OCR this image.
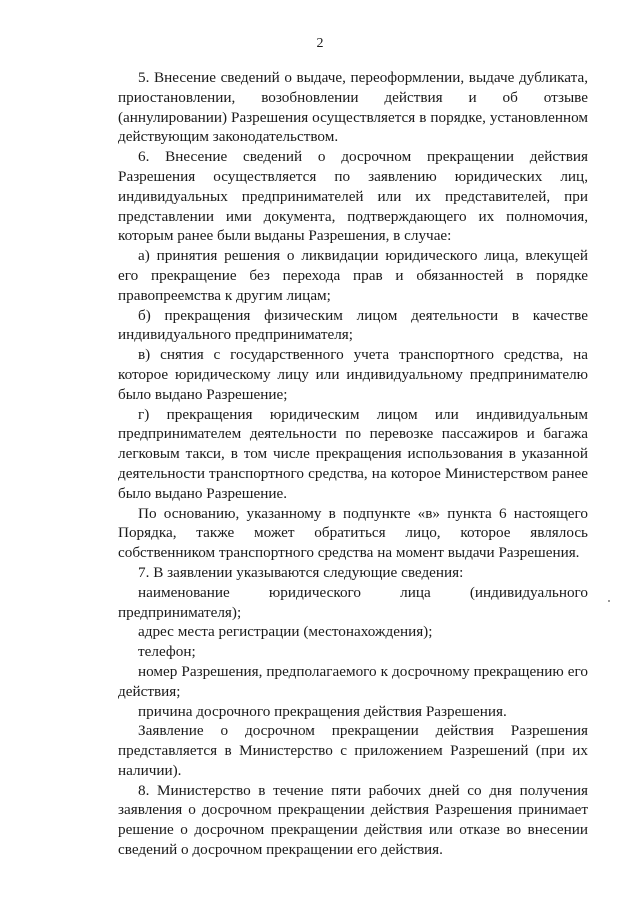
2

5. Внесение сведений о выдаче, переоформлении, выдаче дубликата, приостановлении, возобновлении действия и об отзыве (аннулировании) Разрешения осуществляется в порядке, установленном действующим законодательством.

6. Внесение сведений о досрочном прекращении действия Разрешения осуществляется по заявлению юридических лиц, индивидуальных предпринимателей или их представителей, при представлении ими документа, подтверждающего их полномочия, которым ранее были выданы Разрешения, в случае:

а) принятия решения о ликвидации юридического лица, влекущей его прекращение без перехода прав и обязанностей в порядке правопреемства к другим лицам;

б) прекращения физическим лицом деятельности в качестве индивидуального предпринимателя;

в) снятия с государственного учета транспортного средства, на которое юридическому лицу или индивидуальному предпринимателю было выдано Разрешение;

г) прекращения юридическим лицом или индивидуальным предпринимателем деятельности по перевозке пассажиров и багажа легковым такси, в том числе прекращения использования в указанной деятельности транспортного средства, на которое Министерством ранее было выдано Разрешение.

По основанию, указанному в подпункте «в» пункта 6 настоящего Порядка, также может обратиться лицо, которое являлось собственником транспортного средства на момент выдачи Разрешения.

7. В заявлении указываются следующие сведения:

наименование юридического лица (индивидуального предпринимателя);

адрес места регистрации (местонахождения);

телефон;

номер Разрешения, предполагаемого к досрочному прекращению его действия;

причина досрочного прекращения действия Разрешения.

Заявление о досрочном прекращении действия Разрешения представляется в Министерство с приложением Разрешений (при их наличии).

8. Министерство в течение пяти рабочих дней со дня получения заявления о досрочном прекращении действия Разрешения принимает решение о досрочном прекращении действия или отказе во внесении сведений о досрочном прекращении его действия.
